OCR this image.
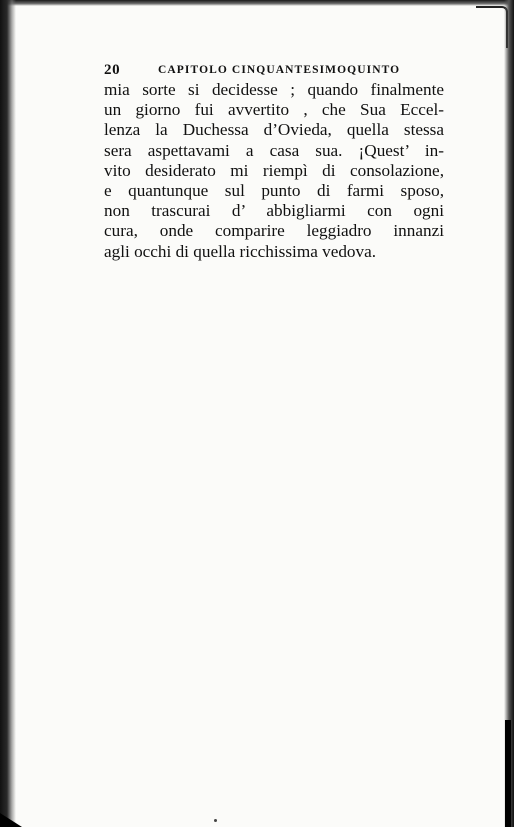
20	CAPITOLO CINQUANTESIMOQUINTO
mia sorte si decidesse ; quando finalmente
un giorno fui avvertito , che Sua Eccel-
lenza la Duchessa d’Ovieda, quella stessa
sera aspettavami a casa sua. ¡Quest’ in-
vito desiderato mi riempì di consolazione,
e quantunque sul punto di farmi sposo,
non trascurai d’ abbigliarmi con ogni
cura, onde comparire leggiadro innanzi
agli occhi di quella ricchissima vedova.
